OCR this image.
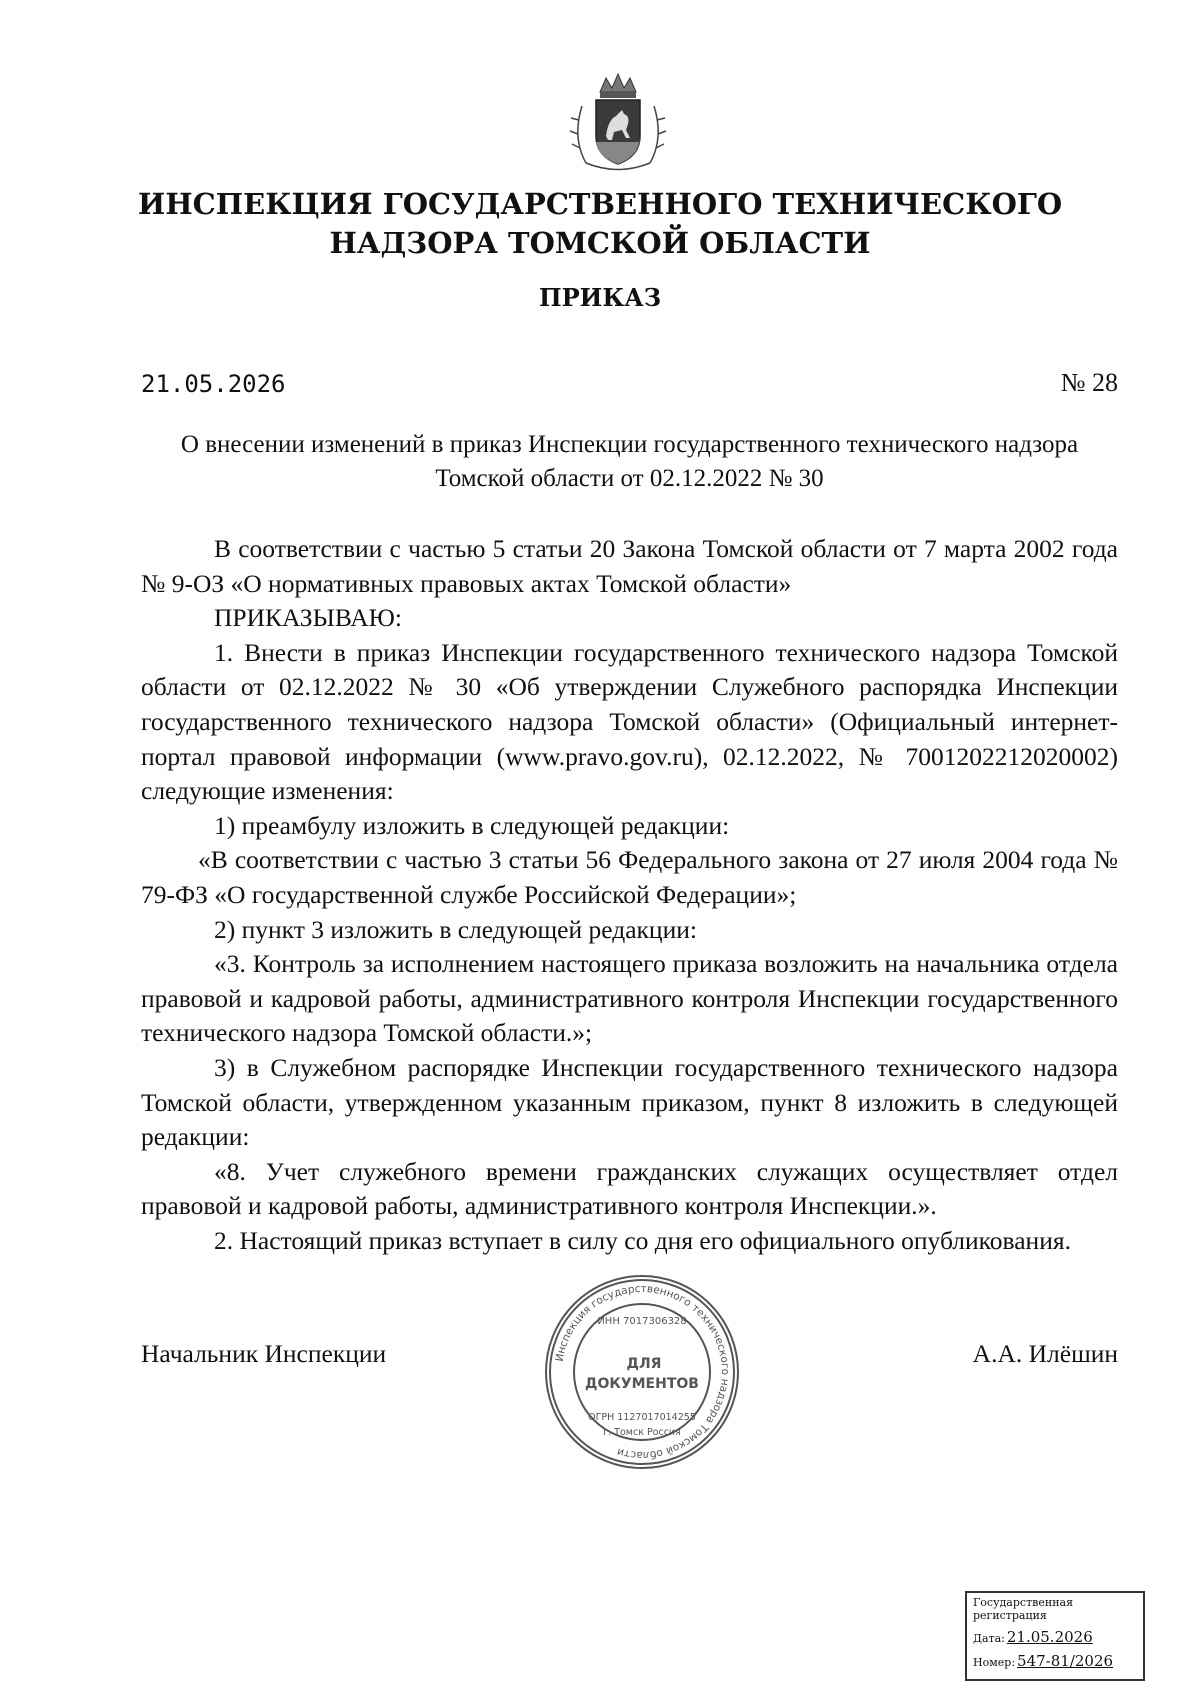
ИНСПЕКЦИЯ ГОСУДАРСТВЕННОГО ТЕХНИЧЕСКОГО
НАДЗОРА ТОМСКОЙ ОБЛАСТИ
ПРИКАЗ
21.05.2026	№ 28
О внесении изменений в приказ Инспекции государственного технического надзора Томской области от 02.12.2022 № 30

В соответствии с частью 5 статьи 20 Закона Томской области от 7 марта 2002 года № 9-ОЗ «О нормативных правовых актах Томской области»

ПРИКАЗЫВАЮ:

1. Внести в приказ Инспекции государственного технического надзора Томской области от 02.12.2022 № 30 «Об утверждении Служебного распорядка Инспекции государственного технического надзора Томской области» (Официальный интернет-портал правовой информации (www.pravo.gov.ru), 02.12.2022, № 7001202212020002) следующие изменения:

1) преамбулу изложить в следующей редакции:

«В соответствии с частью 3 статьи 56 Федерального закона от 27 июля 2004 года № 79-ФЗ «О государственной службе Российской Федерации»;

2) пункт 3 изложить в следующей редакции:

«3. Контроль за исполнением настоящего приказа возложить на начальника отдела правовой и кадровой работы, административного контроля Инспекции государственного технического надзора Томской области.»;

3) в Служебном распорядке Инспекции государственного технического надзора Томской области, утвержденном указанным приказом, пункт 8 изложить в следующей редакции:

«8. Учет служебного времени гражданских служащих осуществляет отдел правовой и кадровой работы, административного контроля Инспекции.».

2. Настоящий приказ вступает в силу со дня его официального опубликования.

Начальник Инспекции	А.А. Илёшин
Инспекция государственного технического надзора Томской области
ИНН 7017306328
ДЛЯ
ДОКУМЕНТОВ
ОГРН 1127017014255
г. Томск Россия
Государственная регистрация
Дата: 21.05.2026
Номер: 547-81/2026
